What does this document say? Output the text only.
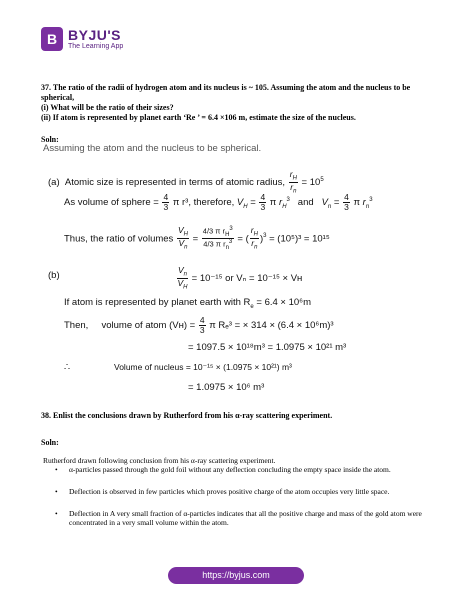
B BYJU'S
The Learning App
37. The ratio of the radii of hydrogen atom and its nucleus is ~ 105. Assuming the atom and the nucleus to be spherical,
(i) What will be the ratio of their sizes?
(ii) If atom is represented by planet earth ‘Re ’ = 6.4 ×106 m, estimate the size of the nucleus.
Soln:
Assuming the atom and the nucleus to be spherical.
(a) Atomic size is represented in terms of atomic radius, $\frac{r_H}{r_n} = 10^5$
As volume of sphere = $\frac{4}{3}$ π r³, therefore, $V_H = \frac{4}{3}$ π $r_H^3$ and $V_n = \frac{4}{3}$ π $r_n^3$
Thus, the ratio of volumes $\frac{V_H}{V_n} = \frac{4/3 \pi r_H^3}{4/3 \pi r_n^3}$ = ( $\frac{r_H}{r_n} )^3 = (10^5)^3 = 10^{15}$
(b)	$\frac{V_n}{V_H} = 10^{-15}$ or Vₙ = 10⁻¹⁵ × Vʜ
If atom is represented by planet earth with $R_e = 6.4 \times 10^6m$
Then, volume of atom (Vʜ) = $\frac{4}{3}$ π Rₑ³ = × 314 × (6.4 × 10⁶m)³
= 1097.5 × 10¹⁸m³ = 1.0975 × 10²¹ m³
∴	Volume of nucleus = 10⁻¹⁵ × (1.0975 × 10²¹) m³
= 1.0975 × 10⁶ m³
38. Enlist the conclusions drawn by Rutherford from his α-ray scattering experiment.
Soln:
Rutherford drawn following conclusion from his α-ray scattering experiment.
• α-particles passed through the gold foil without any deflection concluding the empty space inside the atom.
• Deflection is observed in few particles which proves positive charge of the atom occupies very little space.
• Deflection in A very small fraction of α-particles indicates that all the positive charge and mass of the gold atom were concentrated in a very small volume within the atom.
https://byjus.com
